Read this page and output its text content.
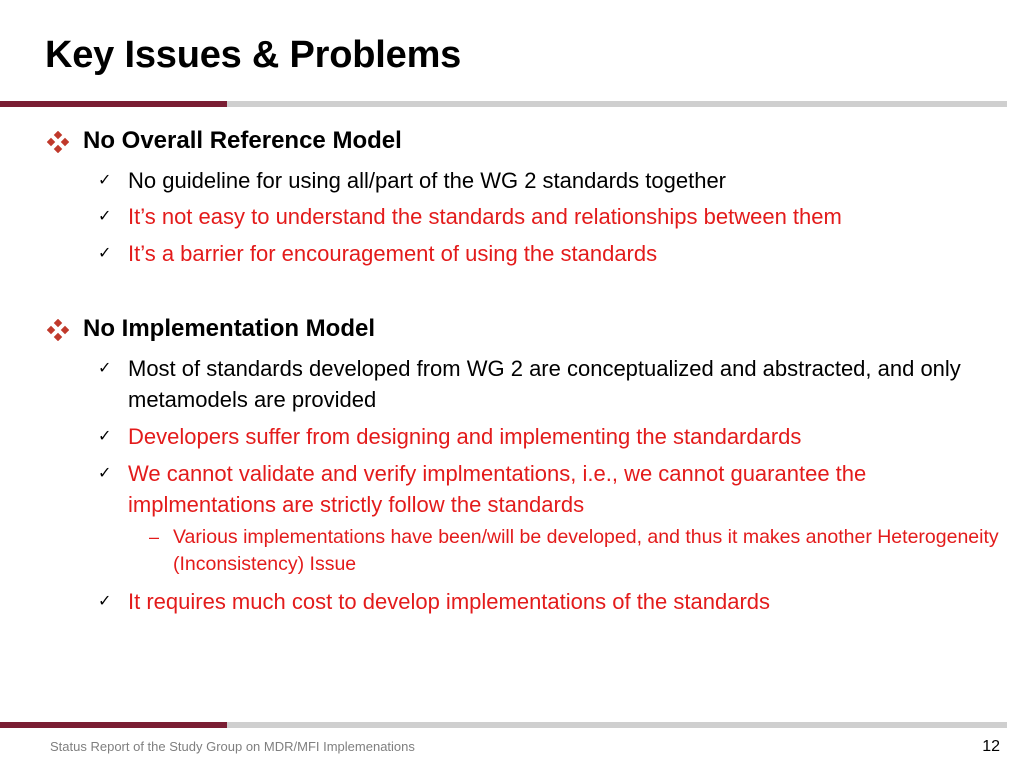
Key Issues & Problems
No Overall Reference Model
✓ No guideline for using all/part of the WG 2 standards together
✓ It’s not easy to understand the standards and relationships between them
✓ It’s a barrier for encouragement of using the standards
No Implementation Model
✓ Most of standards developed from WG 2 are conceptualized and abstracted, and only metamodels are provided
✓ Developers suffer from designing and implementing the standardards
✓ We cannot validate and verify implmentations, i.e., we cannot guarantee the implmentations are strictly follow the standards
– Various implementations have been/will be developed, and thus it makes another Heterogeneity (Inconsistency) Issue
✓ It requires much cost to develop implementations of the standards
Status Report of the Study Group on MDR/MFI Implemenations	12
